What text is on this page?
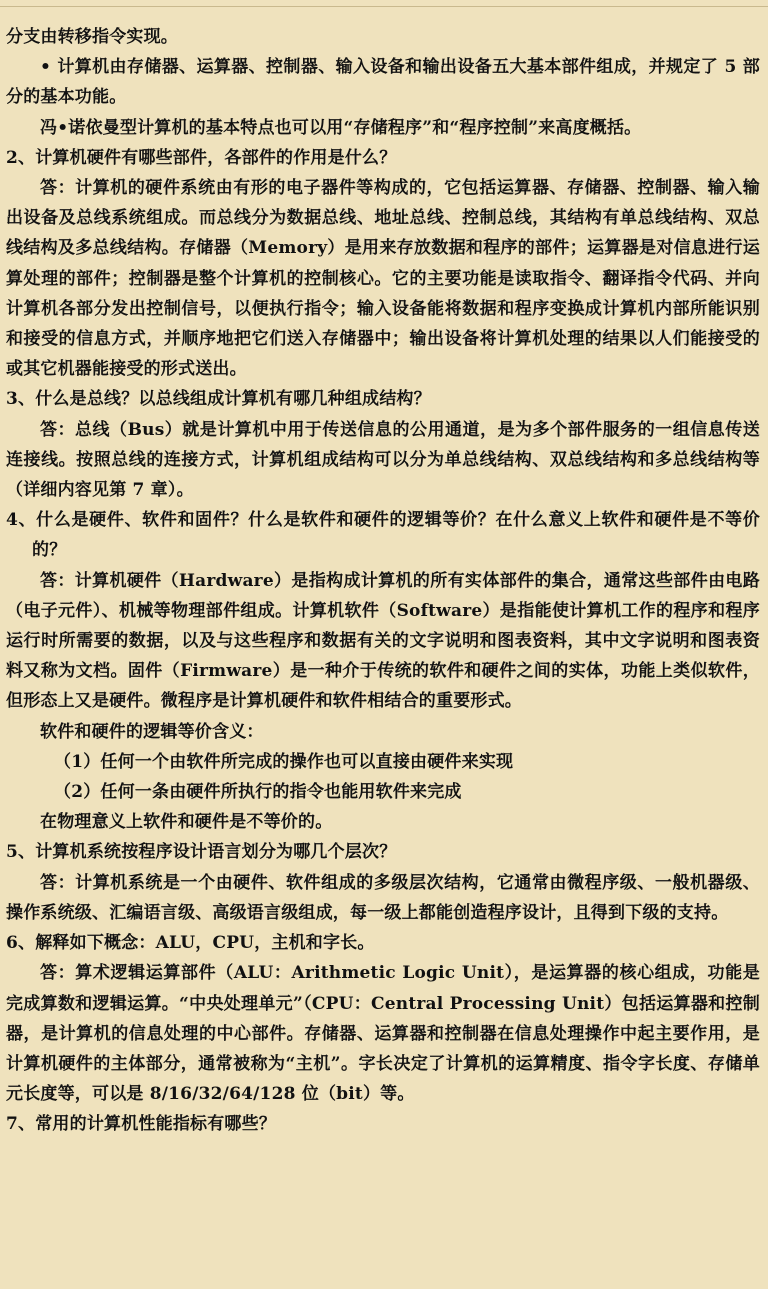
分支由转移指令实现。

• 计算机由存储器、运算器、控制器、输入设备和输出设备五大基本部件组成，并规定了 5 部分的基本功能。

冯•诺依曼型计算机的基本特点也可以用“存储程序”和“程序控制”来高度概括。

2、计算机硬件有哪些部件，各部件的作用是什么？

答：计算机的硬件系统由有形的电子器件等构成的，它包括运算器、存储器、控制器、输入输出设备及总线系统组成。而总线分为数据总线、地址总线、控制总线，其结构有单总线结构、双总线结构及多总线结构。存储器（Memory）是用来存放数据和程序的部件；运算器是对信息进行运算处理的部件；控制器是整个计算机的控制核心。它的主要功能是读取指令、翻译指令代码、并向计算机各部分发出控制信号，以便执行指令；输入设备能将数据和程序变换成计算机内部所能识别和接受的信息方式，并顺序地把它们送入存储器中；输出设备将计算机处理的结果以人们能接受的或其它机器能接受的形式送出。

3、什么是总线？以总线组成计算机有哪几种组成结构？

答：总线（Bus）就是计算机中用于传送信息的公用通道，是为多个部件服务的一组信息传送连接线。按照总线的连接方式，计算机组成结构可以分为单总线结构、双总线结构和多总线结构等（详细内容见第 7 章）。

4、什么是硬件、软件和固件？什么是软件和硬件的逻辑等价？在什么意义上软件和硬件是不等价的？

答：计算机硬件（Hardware）是指构成计算机的所有实体部件的集合，通常这些部件由电路（电子元件）、机械等物理部件组成。计算机软件（Software）是指能使计算机工作的程序和程序运行时所需要的数据，以及与这些程序和数据有关的文字说明和图表资料，其中文字说明和图表资料又称为文档。固件（Firmware）是一种介于传统的软件和硬件之间的实体，功能上类似软件，但形态上又是硬件。微程序是计算机硬件和软件相结合的重要形式。

软件和硬件的逻辑等价含义：

（1）任何一个由软件所完成的操作也可以直接由硬件来实现

（2）任何一条由硬件所执行的指令也能用软件来完成

在物理意义上软件和硬件是不等价的。

5、计算机系统按程序设计语言划分为哪几个层次？

答：计算机系统是一个由硬件、软件组成的多级层次结构，它通常由微程序级、一般机器级、操作系统级、汇编语言级、高级语言级组成，每一级上都能创造程序设计，且得到下级的支持。

6、解释如下概念：ALU，CPU，主机和字长。

答：算术逻辑运算部件（ALU：Arithmetic Logic Unit），是运算器的核心组成，功能是完成算数和逻辑运算。“中央处理单元”（CPU：Central Processing Unit）包括运算器和控制器，是计算机的信息处理的中心部件。存储器、运算器和控制器在信息处理操作中起主要作用，是计算机硬件的主体部分，通常被称为“主机”。字长决定了计算机的运算精度、指令字长度、存储单元长度等，可以是 8/16/32/64/128 位（bit）等。

7、常用的计算机性能指标有哪些？
